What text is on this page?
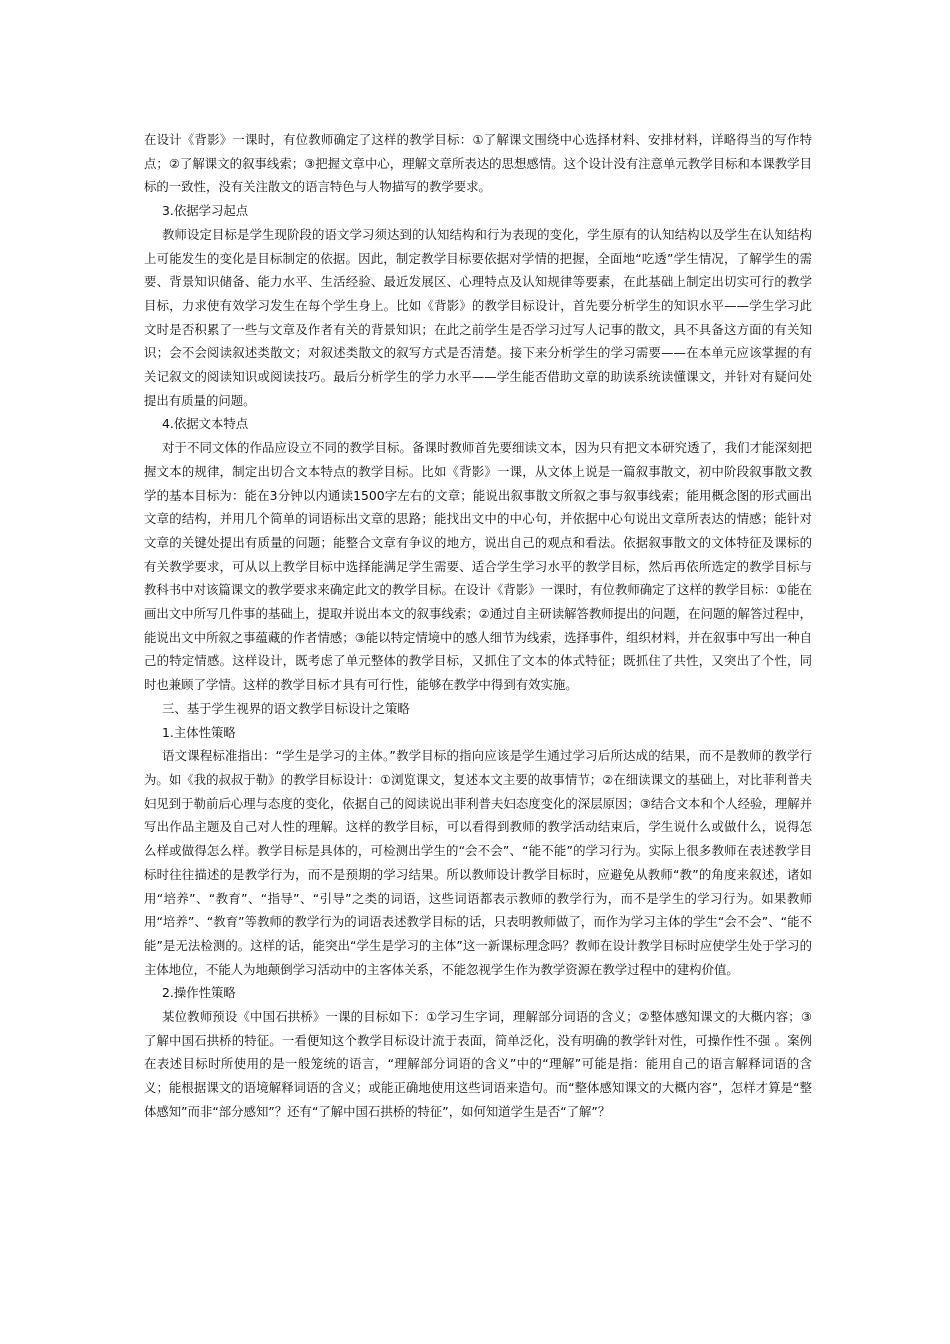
在设计《背影》一课时，有位教师确定了这样的教学目标：①了解课文围绕中心选择材料、安排材料，详略得当的写作特点；②了解课文的叙事线索；③把握文章中心，理解文章所表达的思想感情。这个设计没有注意单元教学目标和本课教学目标的一致性，没有关注散文的语言特色与人物描写的教学要求。

3.依据学习起点

教师设定目标是学生现阶段的语文学习须达到的认知结构和行为表现的变化，学生原有的认知结构以及学生在认知结构上可能发生的变化是目标制定的依据。因此，制定教学目标要依据对学情的把握，全面地“吃透”学生情况，了解学生的需要、背景知识储备、能力水平、生活经验、最近发展区、心理特点及认知规律等要素，在此基础上制定出切实可行的教学目标，力求使有效学习发生在每个学生身上。比如《背影》的教学目标设计，首先要分析学生的知识水平——学生学习此文时是否积累了一些与文章及作者有关的背景知识；在此之前学生是否学习过写人记事的散文，具不具备这方面的有关知识；会不会阅读叙述类散文；对叙述类散文的叙写方式是否清楚。接下来分析学生的学习需要——在本单元应该掌握的有关记叙文的阅读知识或阅读技巧。最后分析学生的学力水平——学生能否借助文章的助读系统读懂课文，并针对有疑问处提出有质量的问题。

4.依据文本特点

对于不同文体的作品应设立不同的教学目标。备课时教师首先要细读文本，因为只有把文本研究透了，我们才能深刻把握文本的规律，制定出切合文本特点的教学目标。比如《背影》一课，从文体上说是一篇叙事散文，初中阶段叙事散文教学的基本目标为：能在3分钟以内通读1500字左右的文章；能说出叙事散文所叙之事与叙事线索；能用概念图的形式画出文章的结构，并用几个简单的词语标出文章的思路；能找出文中的中心句，并依据中心句说出文章所表达的情感；能针对文章的关键处提出有质量的问题；能整合文章有争议的地方，说出自己的观点和看法。依据叙事散文的文体特征及课标的有关教学要求，可从以上教学目标中选择能满足学生需要、适合学生学习水平的教学目标，然后再依所选定的教学目标与教科书中对该篇课文的教学要求来确定此文的教学目标。在设计《背影》一课时，有位教师确定了这样的教学目标：①能在画出文中所写几件事的基础上，提取并说出本文的叙事线索；②通过自主研读解答教师提出的问题，在问题的解答过程中，能说出文中所叙之事蕴藏的作者情感；③能以特定情境中的感人细节为线索，选择事件，组织材料，并在叙事中写出一种自己的特定情感。这样设计，既考虑了单元整体的教学目标，又抓住了文本的体式特征；既抓住了共性，又突出了个性，同时也兼顾了学情。这样的教学目标才具有可行性，能够在教学中得到有效实施。

三、基于学生视界的语文教学目标设计之策略

1.主体性策略

语文课程标准指出：“学生是学习的主体。”教学目标的指向应该是学生通过学习后所达成的结果，而不是教师的教学行为。如《我的叔叔于勒》的教学目标设计：①浏览课文，复述本文主要的故事情节；②在细读课文的基础上，对比菲利普夫妇见到于勒前后心理与态度的变化，依据自己的阅读说出菲利普夫妇态度变化的深层原因；③结合文本和个人经验，理解并写出作品主题及自己对人性的理解。这样的教学目标，可以看得到教师的教学活动结束后，学生说什么或做什么，说得怎么样或做得怎么样。教学目标是具体的，可检测出学生的“会不会”、“能不能”的学习行为。实际上很多教师在表述教学目标时往往描述的是教学行为，而不是预期的学习结果。所以教师设计教学目标时，应避免从教师“教”的角度来叙述，诸如用“培养”、“教育”、“指导”、“引导”之类的词语，这些词语都表示教师的教学行为，而不是学生的学习行为。如果教师用“培养”、“教育”等教师的教学行为的词语表述教学目标的话，只表明教师做了，而作为学习主体的学生“会不会”、“能不能”是无法检测的。这样的话，能突出“学生是学习的主体”这一新课标理念吗？教师在设计教学目标时应使学生处于学习的主体地位，不能人为地颠倒学习活动中的主客体关系，不能忽视学生作为教学资源在教学过程中的建构价值。

2.操作性策略

某位教师预设《中国石拱桥》一课的目标如下：①学习生字词，理解部分词语的含义；②整体感知课文的大概内容；③了解中国石拱桥的特征。一看便知这个教学目标设计流于表面，简单泛化，没有明确的教学针对性，可操作性不强 。案例在表述目标时所使用的是一般笼统的语言，“理解部分词语的含义”中的“理解”可能是指：能用自己的语言解释词语的含义；能根据课文的语境解释词语的含义；或能正确地使用这些词语来造句。而“整体感知课文的大概内容”，怎样才算是“整体感知”而非“部分感知”？还有“了解中国石拱桥的特征”，如何知道学生是否“了解”？
